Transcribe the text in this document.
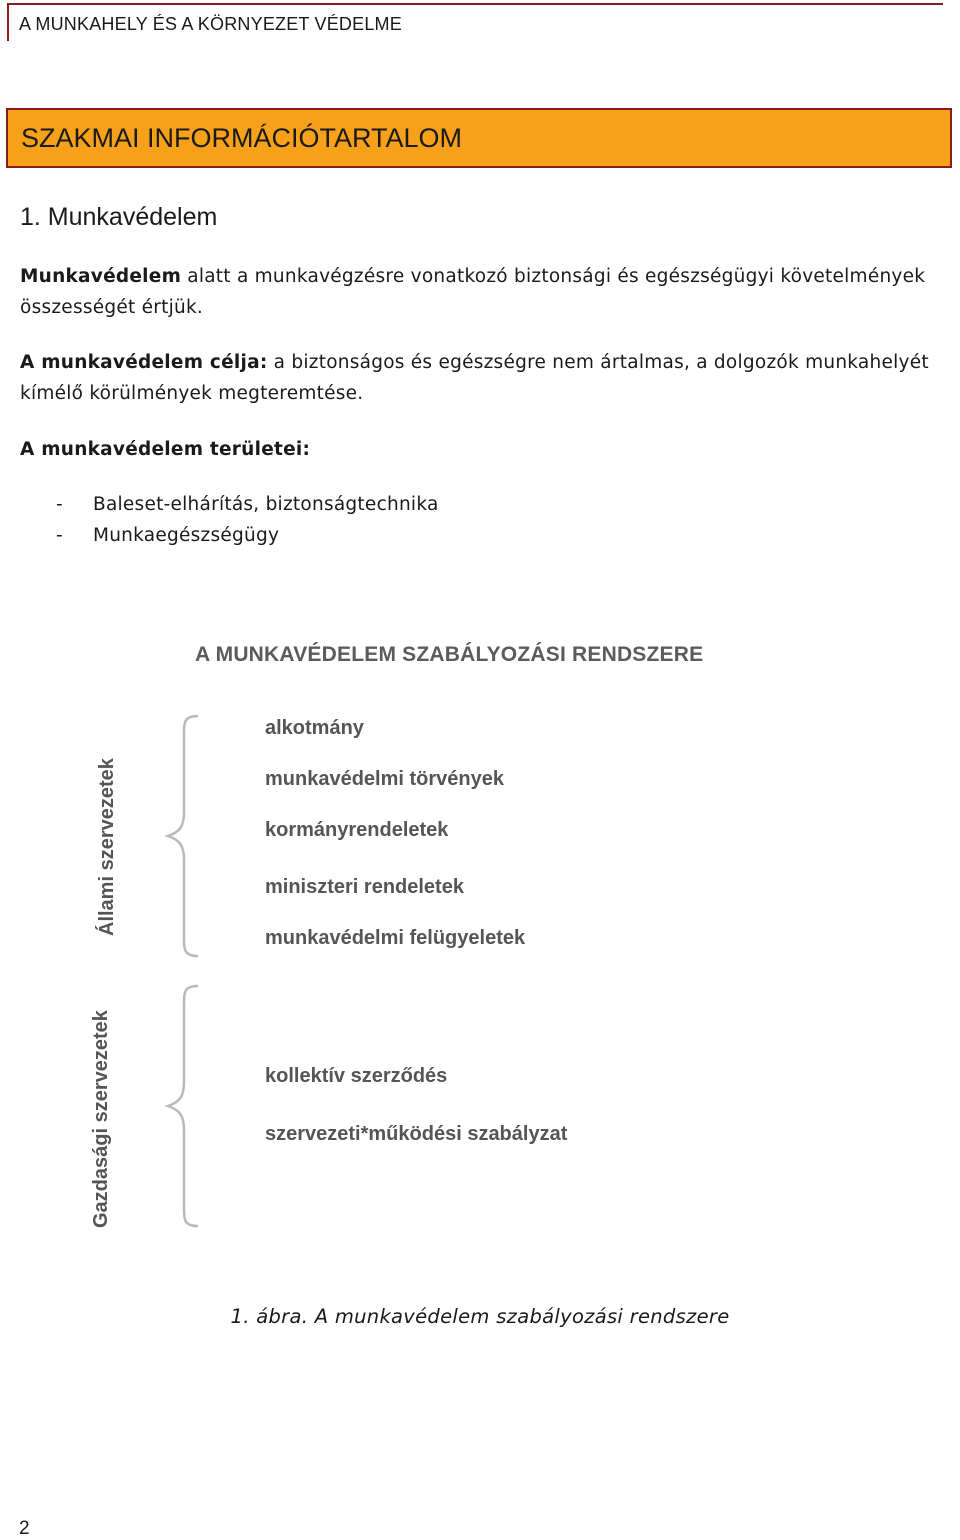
A MUNKAHELY ÉS A KÖRNYEZET VÉDELME
SZAKMAI INFORMÁCIÓTARTALOM
1. Munkavédelem
Munkavédelem alatt a munkavégzésre vonatkozó biztonsági és egészségügyi követelmények összességét értjük.
A munkavédelem célja: a biztonságos és egészségre nem ártalmas, a dolgozók munkahelyét kímélő körülmények megteremtése.
A munkavédelem területei:
- Baleset-elhárítás, biztonságtechnika
- Munkaegészségügy
A MUNKAVÉDELEM SZABÁLYOZÁSI RENDSZERE
Állami szervezetek
alkotmány
munkavédelmi törvények
kormányrendeletek
miniszteri rendeletek
munkavédelmi felügyeletek
Gazdasági szervezetek	kollektív szerződés
szervezeti*működési szabályzat
1. ábra. A munkavédelem szabályozási rendszere
2
